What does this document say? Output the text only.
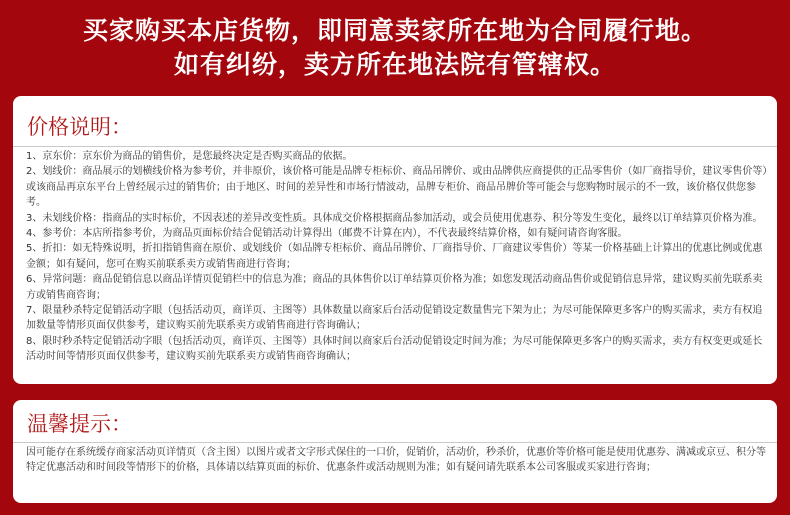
买家购买本店货物，即同意卖家所在地为合同履行地。
如有纠纷，卖方所在地法院有管辖权。
价格说明：

1、京东价：京东价为商品的销售价，是您最终决定是否购买商品的依据。

2、划线价：商品展示的划横线价格为参考价，并非原价，该价格可能是品牌专柜标价、商品吊牌价、或由品牌供应商提供的正品零售价（如厂商指导价，建议零售价等）或该商品再京东平台上曾经展示过的销售价；由于地区、时间的差异性和市场行情波动，品牌专柜价、商品吊牌价等可能会与您购物时展示的不一致，该价格仅供您参考。

3、未划线价格：指商品的实时标价，不因表述的差异改变性质。具体成交价格根据商品参加活动，或会员使用优惠券、积分等发生变化，最终以订单结算页价格为准。

4、参考价：本店所指参考价，为商品页面标价结合促销活动计算得出（邮费不计算在内），不代表最终结算价格，如有疑问请咨询客服。

5、折扣：如无特殊说明，折扣指销售商在原价、或划线价（如品牌专柜标价、商品吊牌价、厂商指导价、厂商建议零售价）等某一价格基础上计算出的优惠比例或优惠金额；如有疑问，您可在购买前联系卖方或销售商进行咨询；

6、异常问题：商品促销信息以商品详情页促销栏中的信息为准；商品的具体售价以订单结算页价格为准；如您发现活动商品售价或促销信息异常，建议购买前先联系卖方或销售商咨询；

7、限量秒杀特定促销活动字眼（包括活动页，商详页、主图等）具体数量以商家后台活动促销设定数量售完下架为止；为尽可能保障更多客户的购买需求，卖方有权追加数量等情形页面仅供参考，建议购买前先联系卖方或销售商进行咨询确认；

8、限时秒杀特定促销活动字眼（包括活动页，商详页、主图等）具体时间以商家后台活动促销设定时间为准；为尽可能保障更多客户的购买需求，卖方有权变更或延长活动时间等情形页面仅供参考，建议购买前先联系卖方或销售商咨询确认；

温馨提示：
因可能存在系统缓存商家活动页详情页（含主图）以图片或者文字形式保住的一口价，促销价，活动价，秒杀价，优惠价等价格可能是使用优惠券、满减或京豆、积分等特定优惠活动和时间段等情形下的价格，具体请以结算页面的标价、优惠条件或活动规则为准；如有疑问请先联系本公司客服或买家进行咨询；
